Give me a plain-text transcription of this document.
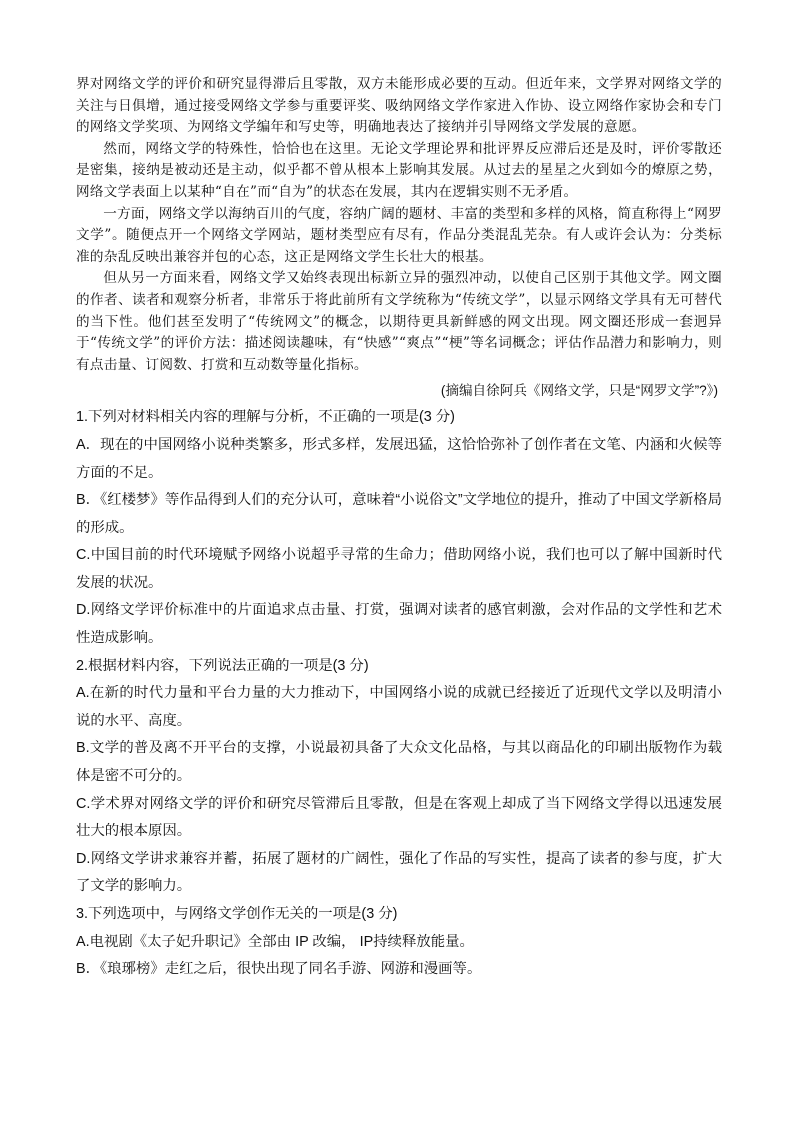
界对网络文学的评价和研究显得滞后且零散，双方未能形成必要的互动。但近年来，文学界对网络文学的关注与日俱增，通过接受网络文学参与重要评奖、吸纳网络文学作家进入作协、设立网络作家协会和专门的网络文学奖项、为网络文学编年和写史等，明确地表达了接纳并引导网络文学发展的意愿。

然而，网络文学的特殊性，恰恰也在这里。无论文学理论界和批评界反应滞后还是及时，评价零散还是密集，接纳是被动还是主动，似乎都不曾从根本上影响其发展。从过去的星星之火到如今的燎原之势，网络文学表面上以某种“自在”而“自为”的状态在发展，其内在逻辑实则不无矛盾。

一方面，网络文学以海纳百川的气度，容纳广阔的题材、丰富的类型和多样的风格，简直称得上“网罗文学”。随便点开一个网络文学网站，题材类型应有尽有，作品分类混乱芜杂。有人或许会认为：分类标准的杂乱反映出兼容并包的心态，这正是网络文学生长壮大的根基。

但从另一方面来看，网络文学又始终表现出标新立异的强烈冲动，以使自己区别于其他文学。网文圈的作者、读者和观察分析者，非常乐于将此前所有文学统称为“传统文学”，以显示网络文学具有无可替代的当下性。他们甚至发明了“传统网文”的概念，以期待更具新鲜感的网文出现。网文圈还形成一套迥异于“传统文学”的评价方法：描述阅读趣味，有“快感”“爽点”“梗”等名词概念；评估作品潜力和影响力，则有点击量、订阅数、打赏和互动数等量化指标。

(摘编自徐阿兵《网络文学，只是“网罗文学”?》)

1.下列对材料相关内容的理解与分析，不正确的一项是(3 分)

A．现在的中国网络小说种类繁多，形式多样，发展迅猛，这恰恰弥补了创作者在文笔、内涵和火候等方面的不足。

B．《红楼梦》等作品得到人们的充分认可，意味着“小说俗文”文学地位的提升，推动了中国文学新格局的形成。

C.中国目前的时代环境赋予网络小说超乎寻常的生命力；借助网络小说，我们也可以了解中国新时代发展的状况。

D.网络文学评价标准中的片面追求点击量、打赏，强调对读者的感官刺激，会对作品的文学性和艺术性造成影响。

2.根据材料内容，下列说法正确的一项是(3 分)

A.在新的时代力量和平台力量的大力推动下，中国网络小说的成就已经接近了近现代文学以及明清小说的水平、高度。

B.文学的普及离不开平台的支撑，小说最初具备了大众文化品格，与其以商品化的印刷出版物作为载体是密不可分的。

C.学术界对网络文学的评价和研究尽管滞后且零散，但是在客观上却成了当下网络文学得以迅速发展壮大的根本原因。

D.网络文学讲求兼容并蓄，拓展了题材的广阔性，强化了作品的写实性，提高了读者的参与度，扩大了文学的影响力。

3.下列选项中，与网络文学创作无关的一项是(3 分)

A.电视剧《太子妃升职记》全部由 IP 改编， IP持续释放能量。

B．《琅琊榜》走红之后，很快出现了同名手游、网游和漫画等。
